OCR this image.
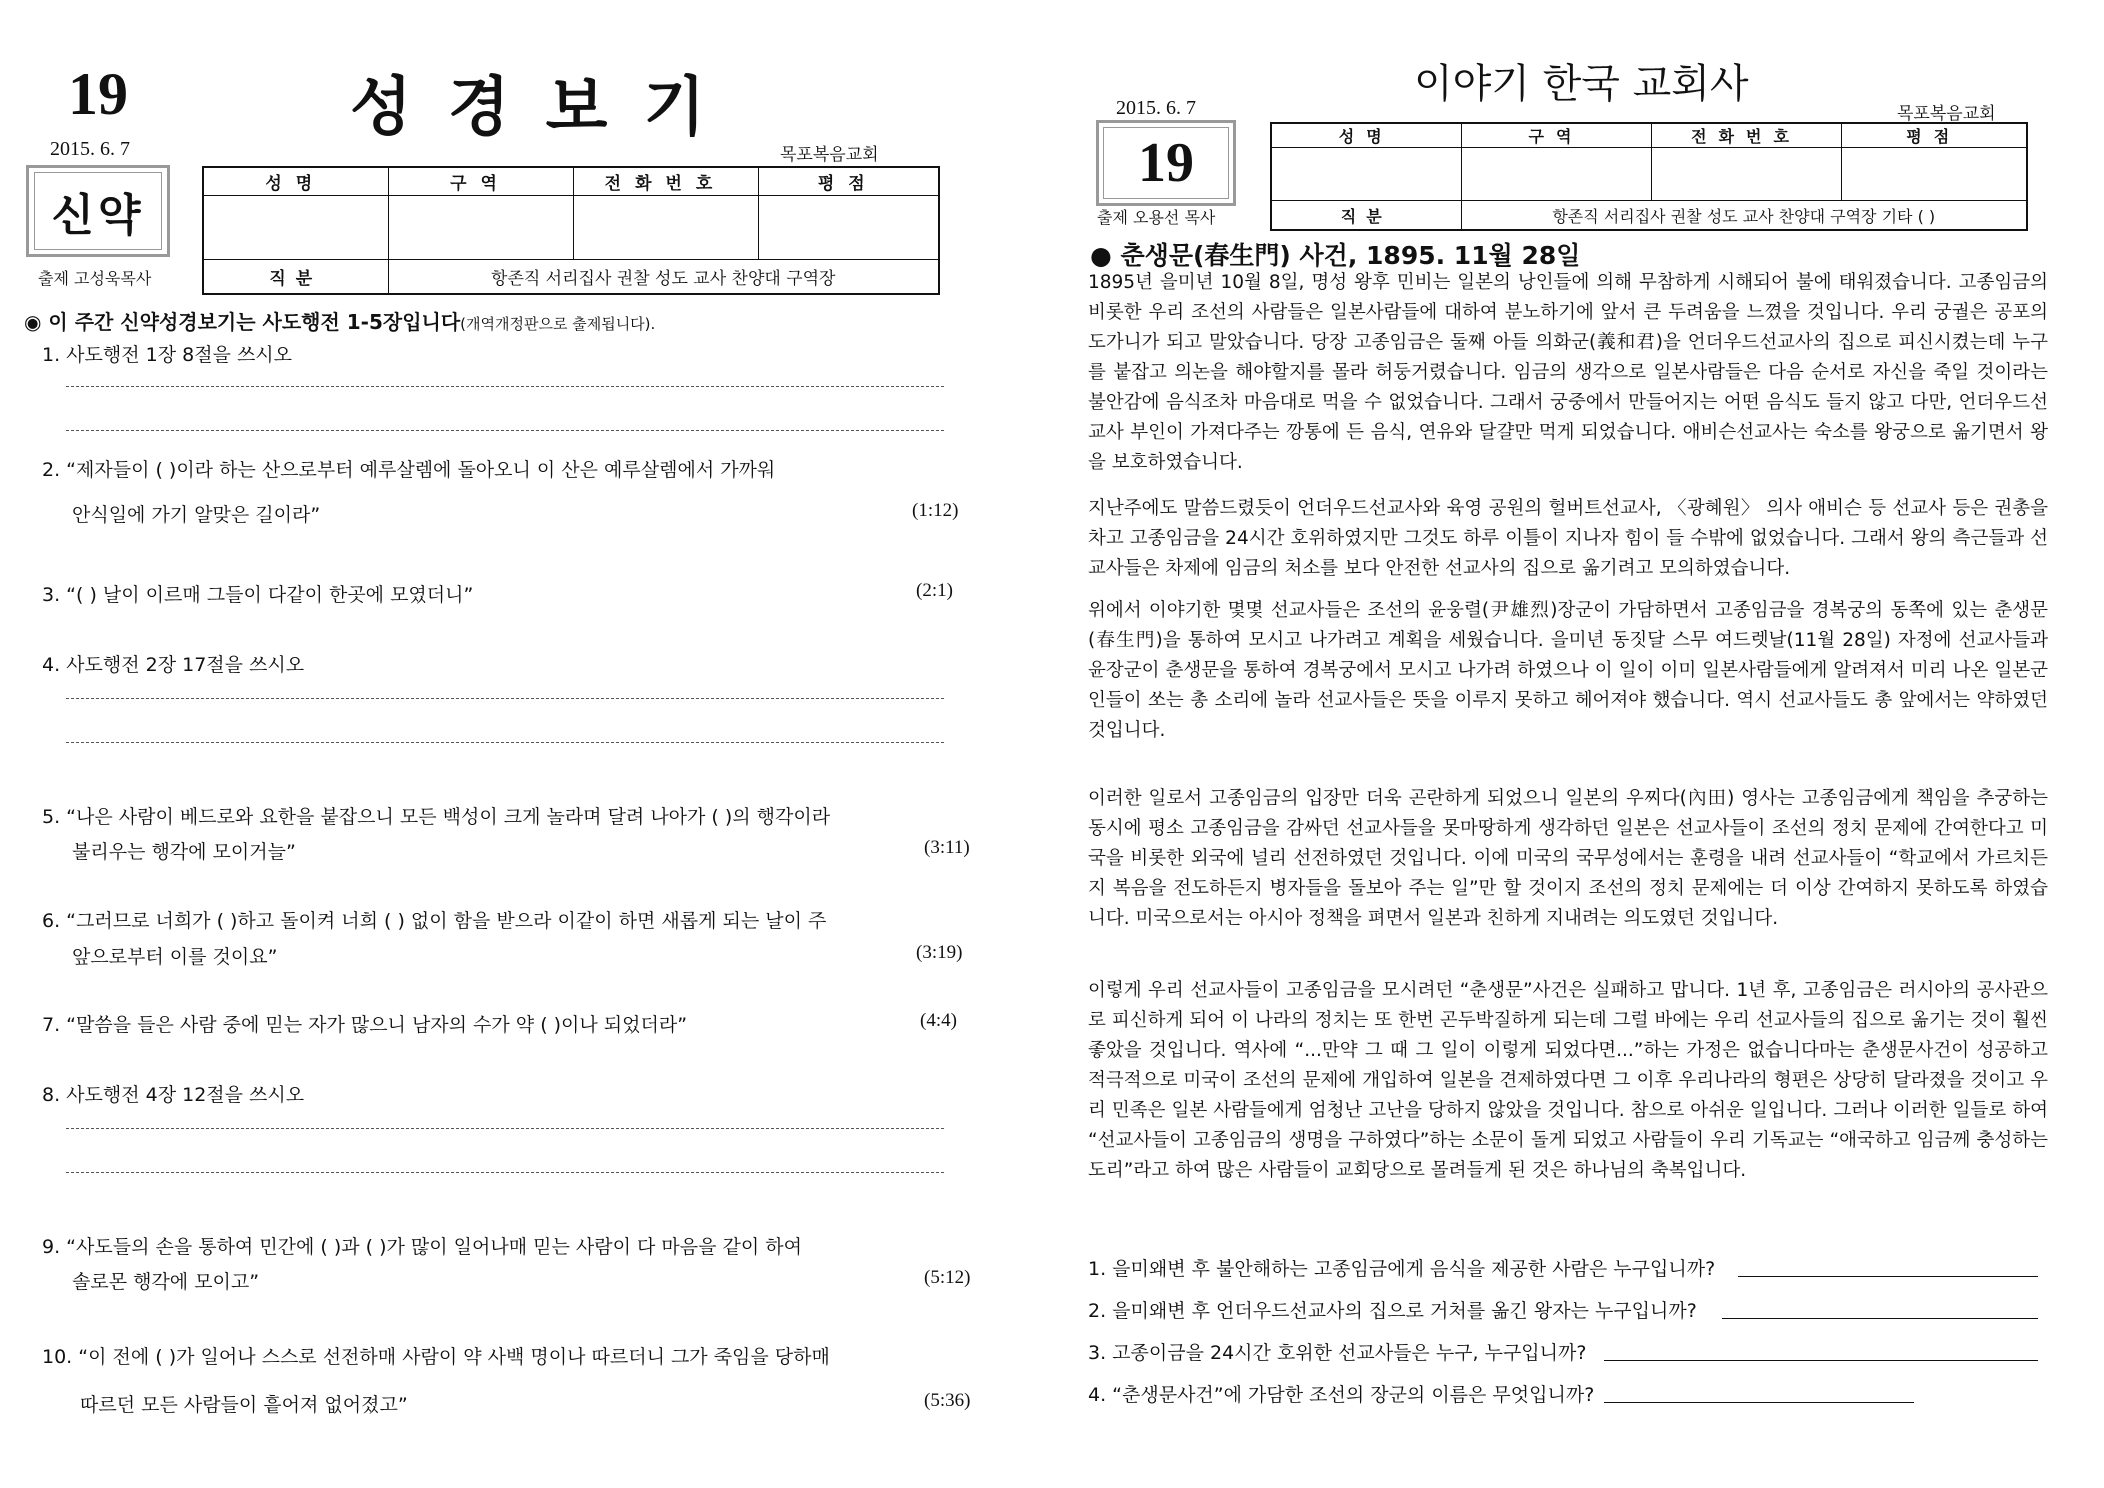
19	성경보기
2015. 6. 7	목포복음교회
신약
출제 고성욱목사
성명	구역	전화번호	평점

직분	항존직 서리집사 권찰 성도 교사 찬양대 구역장		
◉ 이 주간 신약성경보기는 사도행전 1-5장입니다(개역개정판으로 출제됩니다).
1. 사도행전 1장 8절을 쓰시오
2. “제자들이 ( )이라 하는 산으로부터 예루살렘에 돌아오니 이 산은 예루살렘에서 가까워
안식일에 가기 알맞은 길이라”	(1:12)
3. “( ) 날이 이르매 그들이 다같이 한곳에 모였더니”	(2:1)
4. 사도행전 2장 17절을 쓰시오
5. “나은 사람이 베드로와 요한을 붙잡으니 모든 백성이 크게 놀라며 달려 나아가 ( )의 행각이라
불리우는 행각에 모이거늘”	(3:11)
6. “그러므로 너희가 ( )하고 돌이켜 너희 ( ) 없이 함을 받으라 이같이 하면 새롭게 되는 날이 주
앞으로부터 이를 것이요”	(3:19)
7. “말씀을 들은 사람 중에 믿는 자가 많으니 남자의 수가 약 ( )이나 되었더라”	(4:4)
8. 사도행전 4장 12절을 쓰시오
9. “사도들의 손을 통하여 민간에 ( )과 ( )가 많이 일어나매 믿는 사람이 다 마음을 같이 하여
솔로몬 행각에 모이고”	(5:12)
10. “이 전에 ( )가 일어나 스스로 선전하매 사람이 약 사백 명이나 따르더니 그가 죽임을 당하매
따르던 모든 사람들이 흩어져 없어졌고”	(5:36)
이야기 한국 교회사
2015. 6. 7	목포복음교회
19
출제 오용선 목사
성명	구역	전화번호	평점

직분	항존직 서리집사 권찰 성도 교사 찬양대 구역장 기타 ( )		
● 춘생문(春生門) 사건, 1895. 11월 28일
1895년 을미년 10월 8일, 명성 왕후 민비는 일본의 낭인들에 의해 무참하게 시해되어 불에 태워졌습니다. 고종임금의 비롯한 우리 조선의 사람들은 일본사람들에 대하여 분노하기에 앞서 큰 두려움을 느꼈을 것입니다. 우리 궁궐은 공포의 도가니가 되고 말았습니다. 당장 고종임금은 둘째 아들 의화군(義和君)을 언더우드선교사의 집으로 피신시켰는데 누구를 붙잡고 의논을 해야할지를 몰라 허둥거렸습니다. 임금의 생각으로 일본사람들은 다음 순서로 자신을 죽일 것이라는 불안감에 음식조차 마음대로 먹을 수 없었습니다. 그래서 궁중에서 만들어지는 어떤 음식도 들지 않고 다만, 언더우드선교사 부인이 가져다주는 깡통에 든 음식, 연유와 달걀만 먹게 되었습니다. 애비슨선교사는 숙소를 왕궁으로 옮기면서 왕을 보호하였습니다.
지난주에도 말씀드렸듯이 언더우드선교사와 육영 공원의 헐버트선교사, 〈광혜원〉 의사 애비슨 등 선교사 등은 권총을 차고 고종임금을 24시간 호위하였지만 그것도 하루 이틀이 지나자 힘이 들 수밖에 없었습니다. 그래서 왕의 측근들과 선교사들은 차제에 임금의 처소를 보다 안전한 선교사의 집으로 옮기려고 모의하였습니다.
위에서 이야기한 몇몇 선교사들은 조선의 윤웅렬(尹雄烈)장군이 가담하면서 고종임금을 경복궁의 동쪽에 있는 춘생문(春生門)을 통하여 모시고 나가려고 계획을 세웠습니다. 을미년 동짓달 스무 여드렛날(11월 28일) 자정에 선교사들과 윤장군이 춘생문을 통하여 경복궁에서 모시고 나가려 하였으나 이 일이 이미 일본사람들에게 알려져서 미리 나온 일본군인들이 쏘는 총 소리에 놀라 선교사들은 뜻을 이루지 못하고 헤어져야 했습니다. 역시 선교사들도 총 앞에서는 약하였던 것입니다.
이러한 일로서 고종임금의 입장만 더욱 곤란하게 되었으니 일본의 우찌다(內田) 영사는 고종임금에게 책임을 추궁하는 동시에 평소 고종임금을 감싸던 선교사들을 못마땅하게 생각하던 일본은 선교사들이 조선의 정치 문제에 간여한다고 미국을 비롯한 외국에 널리 선전하였던 것입니다. 이에 미국의 국무성에서는 훈령을 내려 선교사들이 “학교에서 가르치든지 복음을 전도하든지 병자들을 돌보아 주는 일”만 할 것이지 조선의 정치 문제에는 더 이상 간여하지 못하도록 하였습니다. 미국으로서는 아시아 정책을 펴면서 일본과 친하게 지내려는 의도였던 것입니다.
이렇게 우리 선교사들이 고종임금을 모시려던 “춘생문”사건은 실패하고 맙니다. 1년 후, 고종임금은 러시아의 공사관으로 피신하게 되어 이 나라의 정치는 또 한번 곤두박질하게 되는데 그럴 바에는 우리 선교사들의 집으로 옮기는 것이 훨씬 좋았을 것입니다. 역사에 “...만약 그 때 그 일이 이렇게 되었다면...”하는 가정은 없습니다마는 춘생문사건이 성공하고 적극적으로 미국이 조선의 문제에 개입하여 일본을 견제하였다면 그 이후 우리나라의 형편은 상당히 달라졌을 것이고 우리 민족은 일본 사람들에게 엄청난 고난을 당하지 않았을 것입니다. 참으로 아쉬운 일입니다. 그러나 이러한 일들로 하여 “선교사들이 고종임금의 생명을 구하였다”하는 소문이 돌게 되었고 사람들이 우리 기독교는 “애국하고 임금께 충성하는 도리”라고 하여 많은 사람들이 교회당으로 몰려들게 된 것은 하나님의 축복입니다.
1. 을미왜변 후 불안해하는 고종임금에게 음식을 제공한 사람은 누구입니까?
2. 을미왜변 후 언더우드선교사의 집으로 거처를 옮긴 왕자는 누구입니까?
3. 고종이금을 24시간 호위한 선교사들은 누구, 누구입니까?
4. “춘생문사건”에 가담한 조선의 장군의 이름은 무엇입니까?
